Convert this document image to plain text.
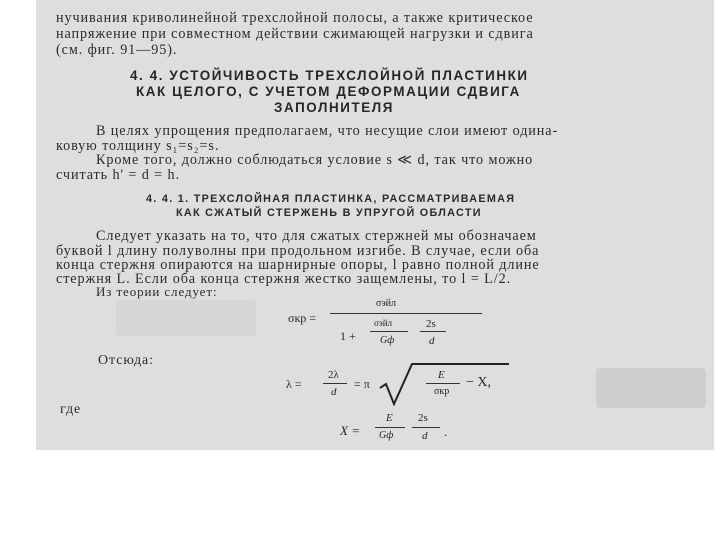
нучивания криволинейной трехслойной полосы, а также критическое
напряжение при совместном действии сжимающей нагрузки и сдвига
(см. фиг. 91—95).
4. 4. УСТОЙЧИВОСТЬ ТРЕХСЛОЙНОЙ ПЛАСТИНКИ
КАК ЦЕЛОГО, С УЧЕТОМ ДЕФОРМАЦИИ СДВИГА
ЗАПОЛНИТЕЛЯ
В целях упрощения предполагаем, что несущие слои имеют одина-
ковую толщину s₁=s₂=s.
Кроме того, должно соблюдаться условие s ≪ d, так что можно
считать h' = d = h.
4. 4. 1. ТРЕХСЛОЙНАЯ ПЛАСТИНКА, РАССМАТРИВАЕМАЯ
КАК СЖАТЫЙ СТЕРЖЕНЬ В УПРУГОЙ ОБЛАСТИ
Следует указать на то, что для сжатых стержней мы обозначаем
буквой l длину полуволны при продольном изгибе. В случае, если оба
конца стержня опираются на шарнирные опоры, l равно полной длине
стержня L. Если оба конца стержня жестко защемлены, то l = L/2.
Из теории следует:
σкр =
σэйл
1 +
σэйл
Gф
2s
d
Отсюда:
λ =
2λ
d
= π
E
σкр
− X,
где
X =
E
Gф
2s
d .
